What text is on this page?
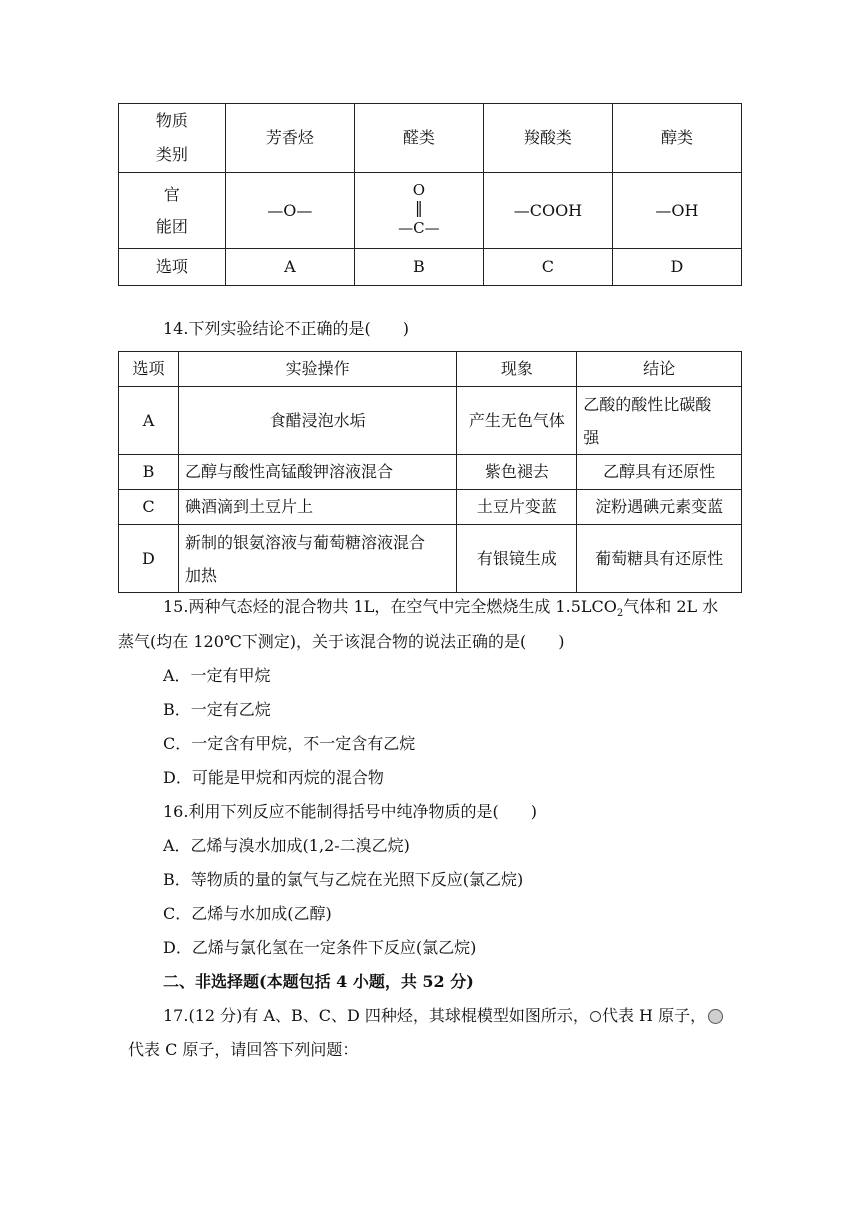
物质
类别	芳香烃	醛类	羧酸类	醇类
官
能团	—O—	O
‖
—C—	—COOH	—OH
选项	A	B	C	D
14.下列实验结论不正确的是(　　)
选项	实验操作	现象	结论
A	食醋浸泡水垢	产生无色气体	乙酸的酸性比碳酸
强
B	乙醇与酸性高锰酸钾溶液混合	紫色褪去	乙醇具有还原性
C	碘酒滴到土豆片上	土豆片变蓝	淀粉遇碘元素变蓝
D	新制的银氨溶液与葡萄糖溶液混合
加热	有银镜生成	葡萄糖具有还原性
15.两种气态烃的混合物共 1L，在空气中完全燃烧生成 $1.5LCO_2$气体和 2L 水
蒸气(均在 120℃下测定)，关于该混合物的说法正确的是(　　)
A．一定有甲烷
B．一定有乙烷
C．一定含有甲烷，不一定含有乙烷
D．可能是甲烷和丙烷的混合物
16.利用下列反应不能制得括号中纯净物质的是(　　)
A．乙烯与溴水加成(1,2-二溴乙烷)
B．等物质的量的氯气与乙烷在光照下反应(氯乙烷)
C．乙烯与水加成(乙醇)
D．乙烯与氯化氢在一定条件下反应(氯乙烷)
二、非选择题(本题包括 4 小题，共 52 分)
17.(12 分)有 A、B、C、D 四种烃，其球棍模型如图所示， 代表 H 原子，
代表 C 原子，请回答下列问题：
